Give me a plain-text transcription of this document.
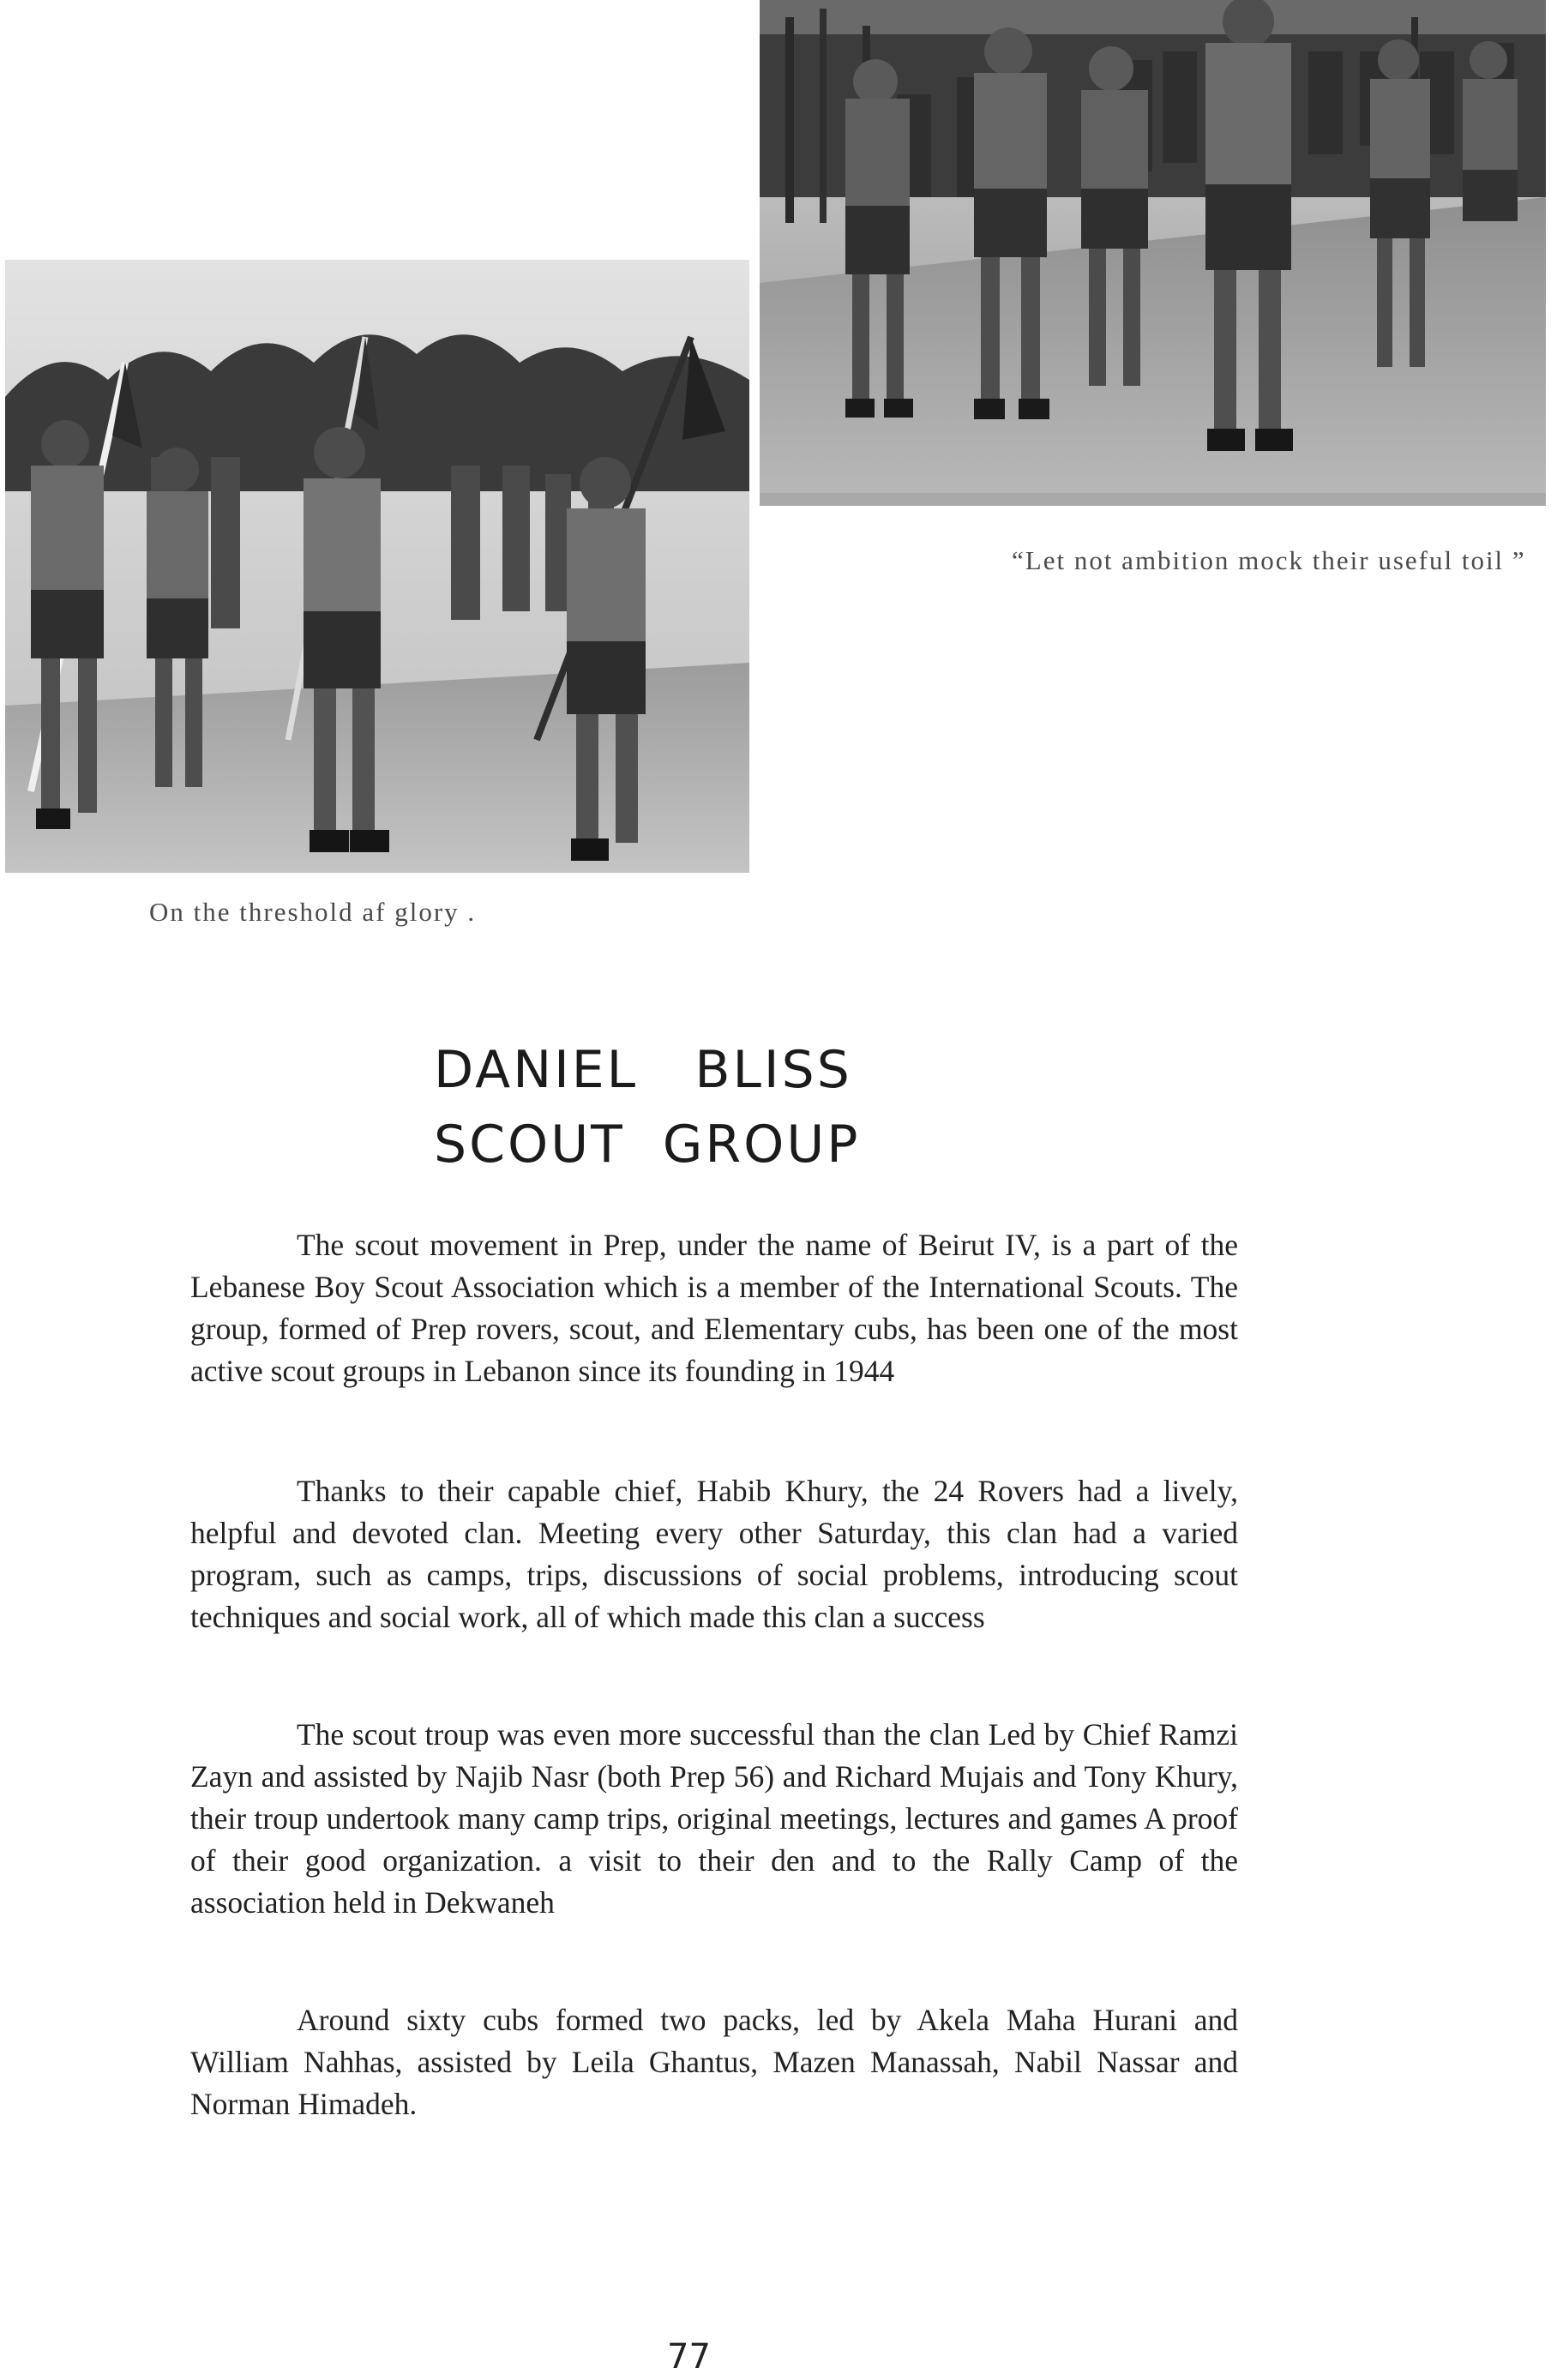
“Let not ambition mock their useful toil ”
On the threshold af glory .
DANIEL   BLISS
SCOUT  GROUP

The scout movement in Prep, under the name of Beirut IV, is a part of the Lebanese Boy Scout Association which is a member of the International Scouts. The group, formed of Prep rovers, scout, and Elementary cubs, has been one of the most active scout groups in Lebanon since its founding in 1944

Thanks to their capable chief, Habib Khury, the 24 Rovers had a lively, helpful and devoted clan. Meeting every other Saturday, this clan had a varied program, such as camps, trips, discussions of social problems, introducing scout techniques and social work, all of which made this clan a success

The scout troup was even more successful than the clan Led by Chief Ramzi Zayn and assisted by Najib Nasr (both Prep 56) and Richard Mujais and Tony Khury, their troup undertook many camp trips, original meetings, lectures and games A proof of their good organization. a visit to their den and to the Rally Camp of the association held in Dekwaneh

Around sixty cubs formed two packs, led by Akela Maha Hurani and William Nahhas, assisted by Leila Ghantus, Mazen Manassah, Nabil Nassar and Norman Himadeh.

77
